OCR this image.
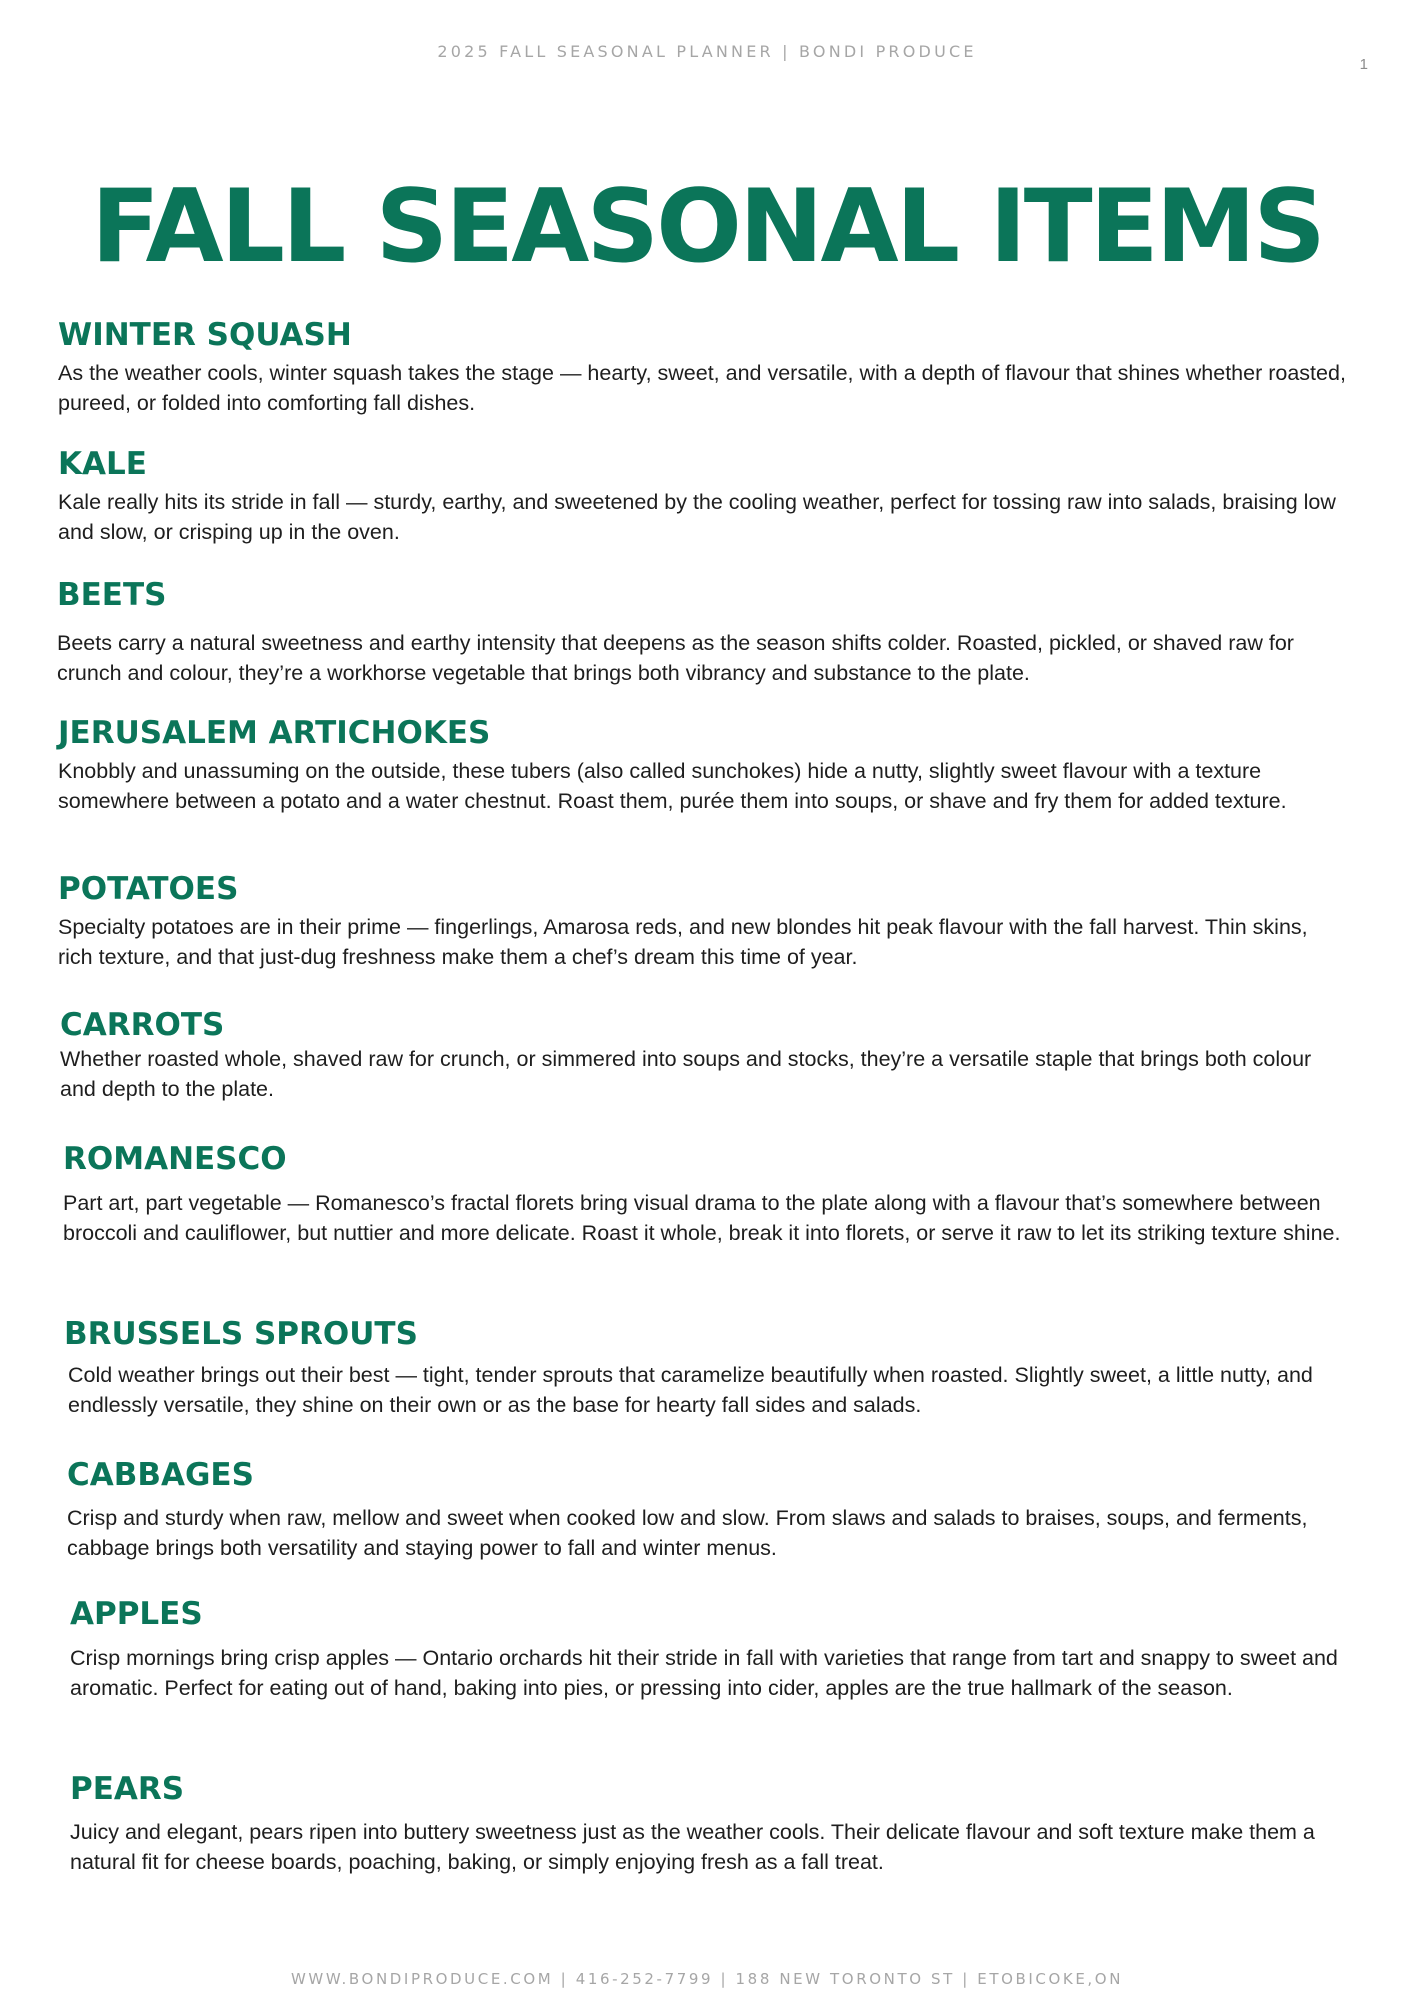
2025 FALL SEASONAL PLANNER | BONDI PRODUCE
1
FALL SEASONAL ITEMS
WINTER SQUASH

As the weather cools, winter squash takes the stage — hearty, sweet, and versatile, with a depth of flavour that shines whether roasted, pureed, or folded into comforting fall dishes.

KALE

Kale really hits its stride in fall — sturdy, earthy, and sweetened by the cooling weather, perfect for tossing raw into salads, braising low and slow, or crisping up in the oven.

BEETS

Beets carry a natural sweetness and earthy intensity that deepens as the season shifts colder. Roasted, pickled, or shaved raw for crunch and colour, they’re a workhorse vegetable that brings both vibrancy and substance to the plate.

JERUSALEM ARTICHOKES

Knobbly and unassuming on the outside, these tubers (also called sunchokes) hide a nutty, slightly sweet flavour with a texture somewhere between a potato and a water chestnut. Roast them, purée them into soups, or shave and fry them for added texture.

POTATOES

Specialty potatoes are in their prime — fingerlings, Amarosa reds, and new blondes hit peak flavour with the fall harvest. Thin skins, rich texture, and that just-dug freshness make them a chef’s dream this time of year.

CARROTS

Whether roasted whole, shaved raw for crunch, or simmered into soups and stocks, they’re a versatile staple that brings both colour and depth to the plate.

ROMANESCO

Part art, part vegetable — Romanesco’s fractal florets bring visual drama to the plate along with a flavour that’s somewhere between broccoli and cauliflower, but nuttier and more delicate. Roast it whole, break it into florets, or serve it raw to let its striking texture shine.

BRUSSELS SPROUTS

Cold weather brings out their best — tight, tender sprouts that caramelize beautifully when roasted. Slightly sweet, a little nutty, and endlessly versatile, they shine on their own or as the base for hearty fall sides and salads.

CABBAGES

Crisp and sturdy when raw, mellow and sweet when cooked low and slow. From slaws and salads to braises, soups, and ferments, cabbage brings both versatility and staying power to fall and winter menus.

APPLES

Crisp mornings bring crisp apples — Ontario orchards hit their stride in fall with varieties that range from tart and snappy to sweet and aromatic. Perfect for eating out of hand, baking into pies, or pressing into cider, apples are the true hallmark of the season.

PEARS

Juicy and elegant, pears ripen into buttery sweetness just as the weather cools. Their delicate flavour and soft texture make them a natural fit for cheese boards, poaching, baking, or simply enjoying fresh as a fall treat.

WWW.BONDIPRODUCE.COM | 416-252-7799 | 188 NEW TORONTO ST | ETOBICOKE,ON
